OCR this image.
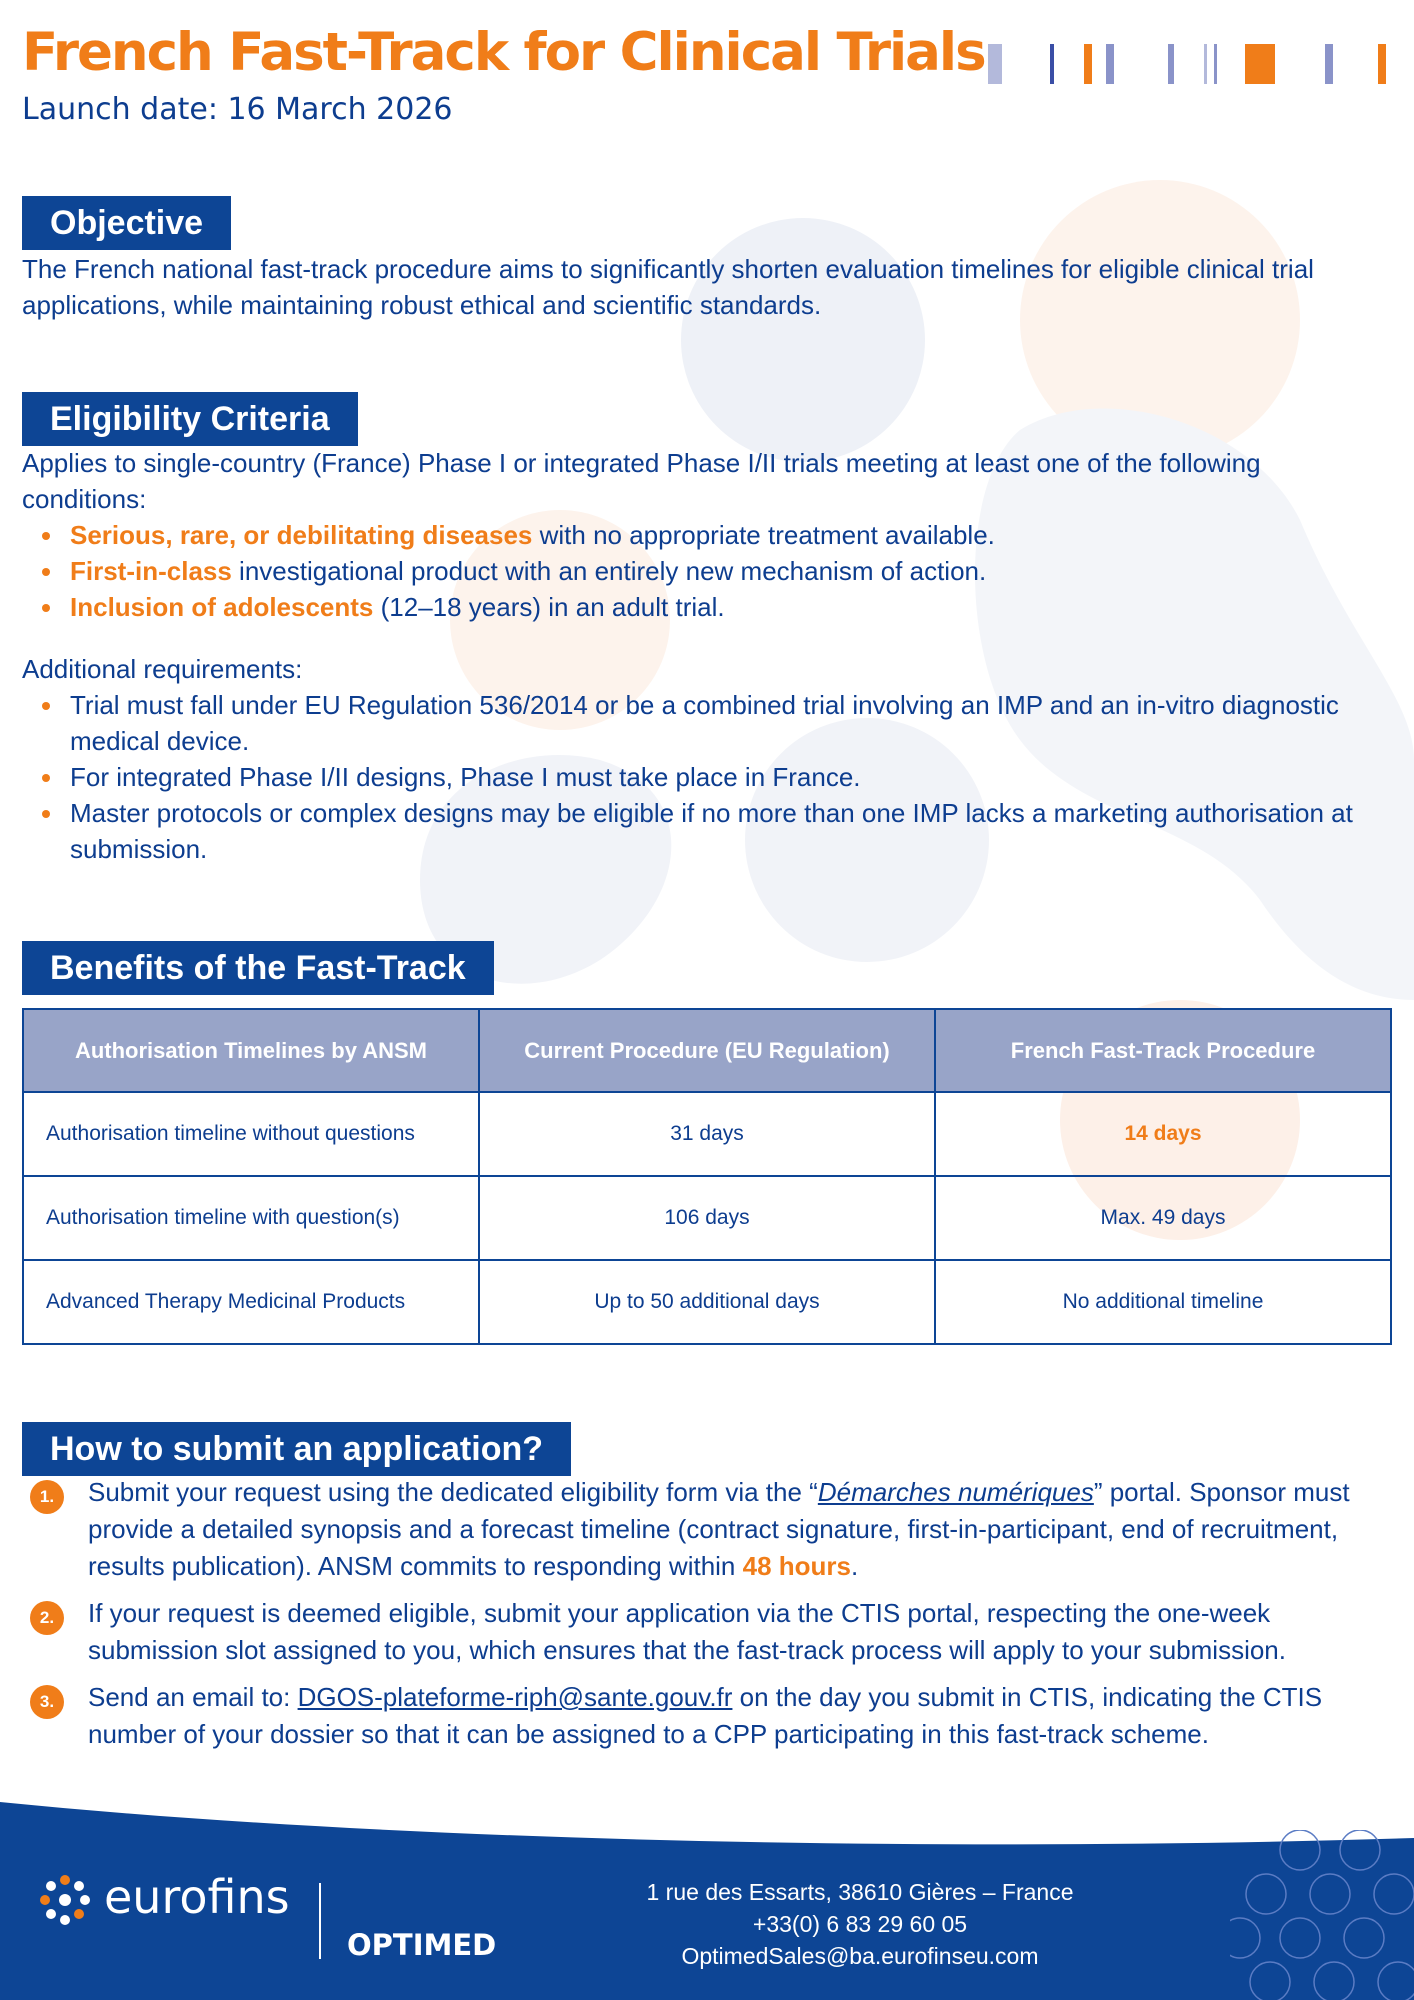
French Fast-Track for Clinical Trials
Launch date: 16 March 2026
Objective
The French national fast-track procedure aims to significantly shorten evaluation timelines for eligible clinical trial applications, while maintaining robust ethical and scientific standards.
Eligibility Criteria
Applies to single-country (France) Phase I or integrated Phase I/II trials meeting at least one of the following conditions:
Serious, rare, or debilitating diseases with no appropriate treatment available.
First-in-class investigational product with an entirely new mechanism of action.
Inclusion of adolescents (12–18 years) in an adult trial.
Additional requirements:
Trial must fall under EU Regulation 536/2014 or be a combined trial involving an IMP and an in-vitro diagnostic medical device.
For integrated Phase I/II designs, Phase I must take place in France.
Master protocols or complex designs may be eligible if no more than one IMP lacks a marketing authorisation at submission.
Benefits of the Fast-Track
Authorisation Timelines by ANSM	Current Procedure (EU Regulation)	French Fast-Track Procedure
Authorisation timeline without questions	31 days	14 days
Authorisation timeline with question(s)	106 days	Max. 49 days
Advanced Therapy Medicinal Products	Up to 50 additional days	No additional timeline
How to submit an application?
1.	Submit your request using the dedicated eligibility form via the “Démarches numériques” portal. Sponsor must provide a detailed synopsis and a forecast timeline (contract signature, first-in-participant, end of recruitment, results publication). ANSM commits to responding within 48 hours.
2.	If your request is deemed eligible, submit your application via the CTIS portal, respecting the one-week submission slot assigned to you, which ensures that the fast-track process will apply to your submission.
3.	Send an email to: DGOS-plateforme-riph@sante.gouv.fr on the day you submit in CTIS, indicating the CTIS number of your dossier so that it can be assigned to a CPP participating in this fast-track scheme.
eurofins
OPTIMED
1 rue des Essarts, 38610 Gières – France
+33(0) 6 83 29 60 05
OptimedSales@ba.eurofinseu.com
